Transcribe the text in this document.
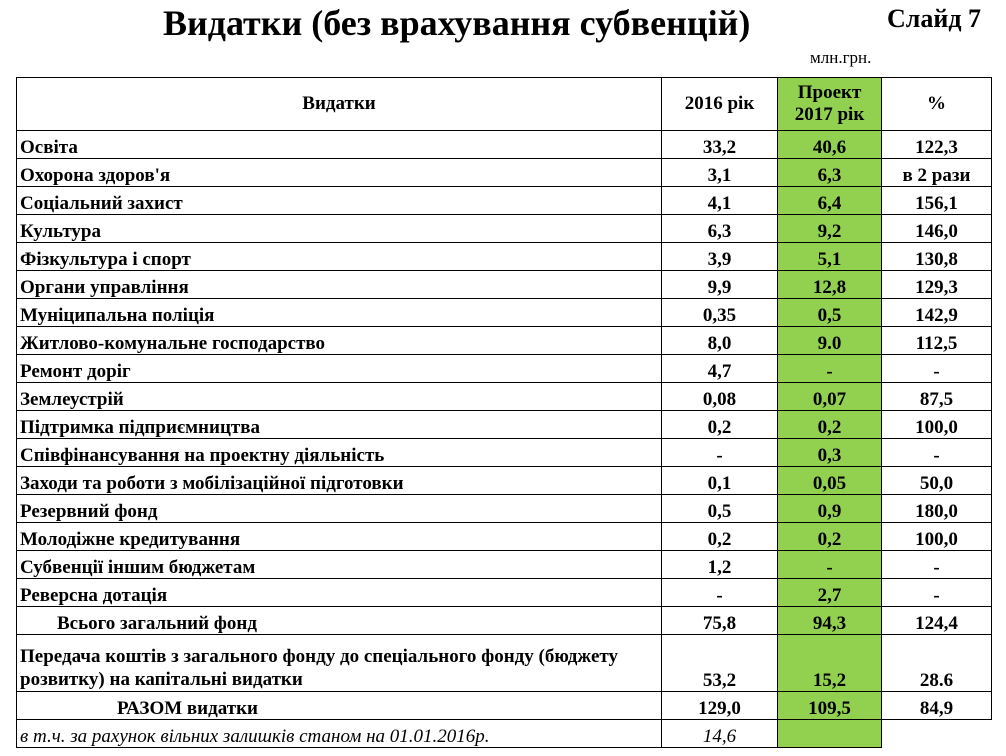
Видатки (без врахування субвенцій)	Слайд 7
млн.грн.
Видатки	2016 рік	Проект 2017 рік	%
Освіта	33,2	40,6	122,3
Охорона здоров'я	3,1	6,3	в 2 рази
Соціальний захист	4,1	6,4	156,1
Культура	6,3	9,2	146,0
Фізкультура і спорт	3,9	5,1	130,8
Органи управління	9,9	12,8	129,3
Муніципальна поліція	0,35	0,5	142,9
Житлово-комунальне господарство	8,0	9.0	112,5
Ремонт доріг	4,7	-	-
Землеустрій	0,08	0,07	87,5
Підтримка підприємництва	0,2	0,2	100,0
Співфінансування на проектну діяльність	-	0,3	-
Заходи та роботи з мобілізаційної підготовки	0,1	0,05	50,0
Резервний фонд	0,5	0,9	180,0
Молодіжне кредитування	0,2	0,2	100,0
Субвенції іншим бюджетам	1,2	-	-
Реверсна дотація	-	2,7	-
Всього загальний фонд	75,8	94,3	124,4
Передача коштів з загального фонду до спеціального фонду (бюджету розвитку) на капітальні видатки	53,2	15,2	28.6
РАЗОМ видатки	129,0	109,5	84,9
в т.ч. за рахунок вільних залишків станом на 01.01.2016р.	14,6		
